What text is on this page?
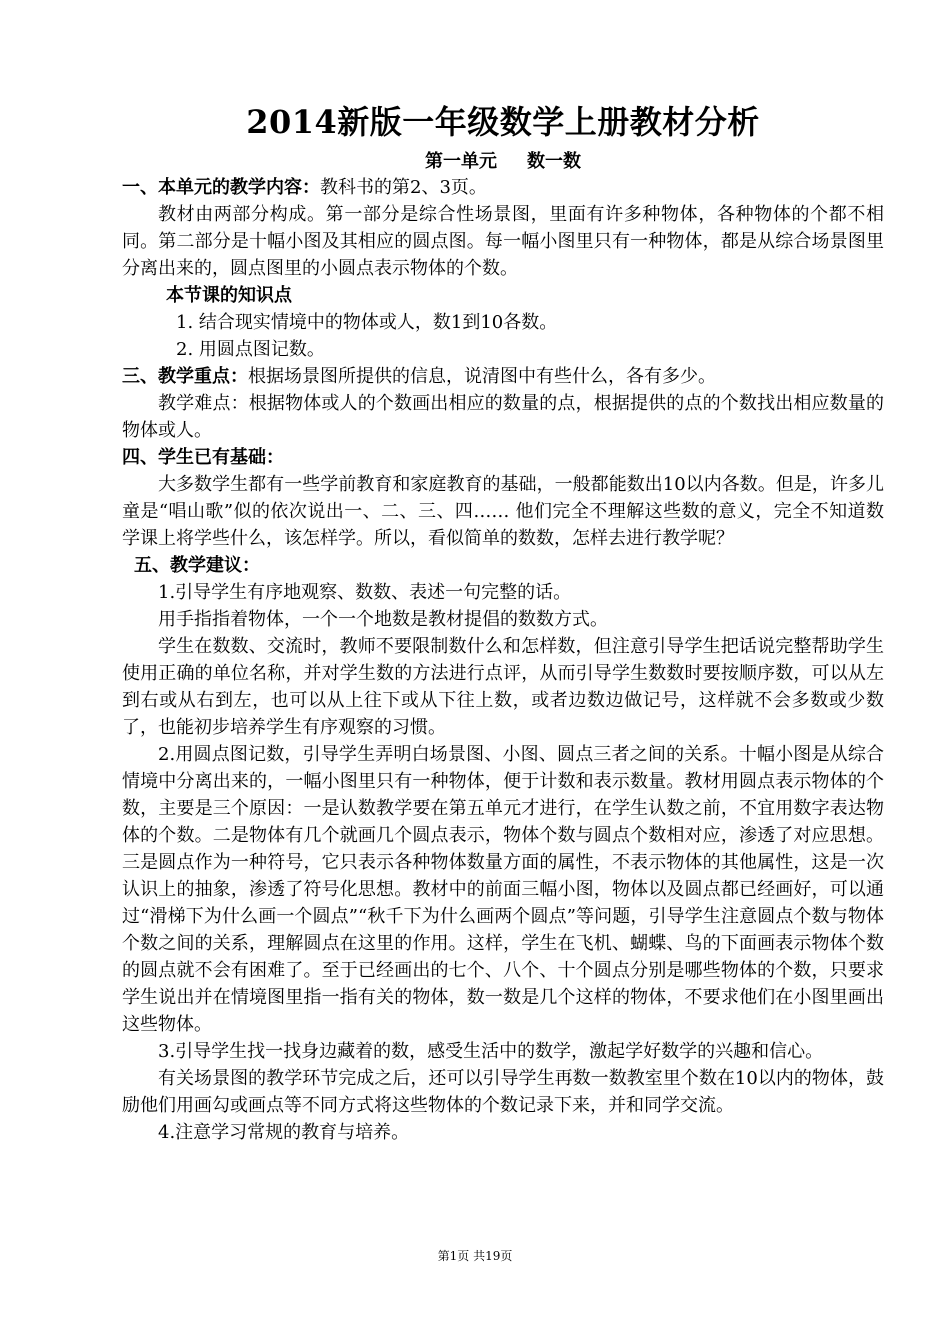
2014新版一年级数学上册教材分析
第一单元 数一数

一、本单元的教学内容：教科书的第2、3页。

教材由两部分构成。第一部分是综合性场景图，里面有许多种物体，各种物体的个都不相同。第二部分是十幅小图及其相应的圆点图。每一幅小图里只有一种物体，都是从综合场景图里分离出来的，圆点图里的小圆点表示物体的个数。

本节课的知识点

1. 结合现实情境中的物体或人，数1到10各数。

2. 用圆点图记数。

三、教学重点：根据场景图所提供的信息，说清图中有些什么，各有多少。

教学难点：根据物体或人的个数画出相应的数量的点，根据提供的点的个数找出相应数量的物体或人。

四、学生已有基础：

大多数学生都有一些学前教育和家庭教育的基础，一般都能数出10以内各数。但是，许多儿童是“唱山歌”似的依次说出一、二、三、四…… 他们完全不理解这些数的意义，完全不知道数学课上将学些什么，该怎样学。所以，看似简单的数数，怎样去进行教学呢？

五、教学建议：

1.引导学生有序地观察、数数、表述一句完整的话。

用手指指着物体，一个一个地数是教材提倡的数数方式。

学生在数数、交流时，教师不要限制数什么和怎样数，但注意引导学生把话说完整帮助学生使用正确的单位名称，并对学生数的方法进行点评，从而引导学生数数时要按顺序数，可以从左到右或从右到左，也可以从上往下或从下往上数，或者边数边做记号，这样就不会多数或少数了，也能初步培养学生有序观察的习惯。

2.用圆点图记数，引导学生弄明白场景图、小图、圆点三者之间的关系。十幅小图是从综合情境中分离出来的，一幅小图里只有一种物体，便于计数和表示数量。教材用圆点表示物体的个数，主要是三个原因：一是认数教学要在第五单元才进行，在学生认数之前，不宜用数字表达物体的个数。二是物体有几个就画几个圆点表示，物体个数与圆点个数相对应，渗透了对应思想。三是圆点作为一种符号，它只表示各种物体数量方面的属性，不表示物体的其他属性，这是一次认识上的抽象，渗透了符号化思想。教材中的前面三幅小图，物体以及圆点都已经画好，可以通过“滑梯下为什么画一个圆点”“秋千下为什么画两个圆点”等问题，引导学生注意圆点个数与物体个数之间的关系，理解圆点在这里的作用。这样，学生在飞机、蝴蝶、鸟的下面画表示物体个数的圆点就不会有困难了。至于已经画出的七个、八个、十个圆点分别是哪些物体的个数，只要求学生说出并在情境图里指一指有关的物体，数一数是几个这样的物体，不要求他们在小图里画出这些物体。

3.引导学生找一找身边藏着的数，感受生活中的数学，激起学好数学的兴趣和信心。

有关场景图的教学环节完成之后，还可以引导学生再数一数教室里个数在10以内的物体，鼓励他们用画勾或画点等不同方式将这些物体的个数记录下来，并和同学交流。

4.注意学习常规的教育与培养。

第1页 共19页
